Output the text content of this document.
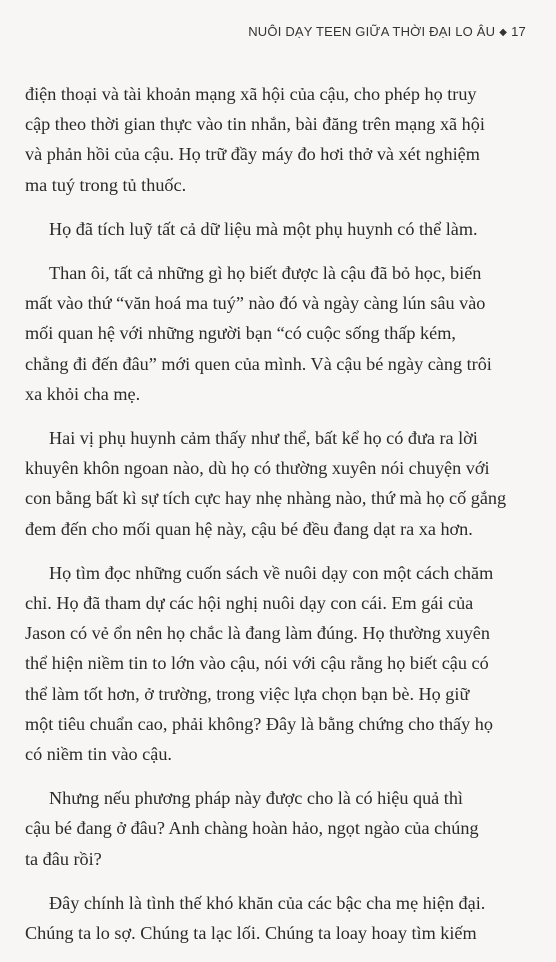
NUÔI DẠY TEEN GIỮA THỜI ĐẠI LO ÂU ◆ 17

điện thoại và tài khoản mạng xã hội của cậu, cho phép họ truy
cập theo thời gian thực vào tin nhắn, bài đăng trên mạng xã hội
và phản hồi của cậu. Họ trữ đầy máy đo hơi thở và xét nghiệm
ma tuý trong tủ thuốc.

Họ đã tích luỹ tất cả dữ liệu mà một phụ huynh có thể làm.

Than ôi, tất cả những gì họ biết được là cậu đã bỏ học, biến
mất vào thứ “văn hoá ma tuý” nào đó và ngày càng lún sâu vào
mối quan hệ với những người bạn “có cuộc sống thấp kém,
chẳng đi đến đâu” mới quen của mình. Và cậu bé ngày càng trôi
xa khỏi cha mẹ.

Hai vị phụ huynh cảm thấy như thể, bất kể họ có đưa ra lời
khuyên khôn ngoan nào, dù họ có thường xuyên nói chuyện với
con bằng bất kì sự tích cực hay nhẹ nhàng nào, thứ mà họ cố gắng
đem đến cho mối quan hệ này, cậu bé đều đang dạt ra xa hơn.

Họ tìm đọc những cuốn sách về nuôi dạy con một cách chăm
chỉ. Họ đã tham dự các hội nghị nuôi dạy con cái. Em gái của
Jason có vẻ ổn nên họ chắc là đang làm đúng. Họ thường xuyên
thể hiện niềm tin to lớn vào cậu, nói với cậu rằng họ biết cậu có
thể làm tốt hơn, ở trường, trong việc lựa chọn bạn bè. Họ giữ
một tiêu chuẩn cao, phải không? Đây là bằng chứng cho thấy họ
có niềm tin vào cậu.

Nhưng nếu phương pháp này được cho là có hiệu quả thì
cậu bé đang ở đâu? Anh chàng hoàn hảo, ngọt ngào của chúng
ta đâu rồi?

Đây chính là tình thế khó khăn của các bậc cha mẹ hiện đại.
Chúng ta lo sợ. Chúng ta lạc lối. Chúng ta loay hoay tìm kiếm
